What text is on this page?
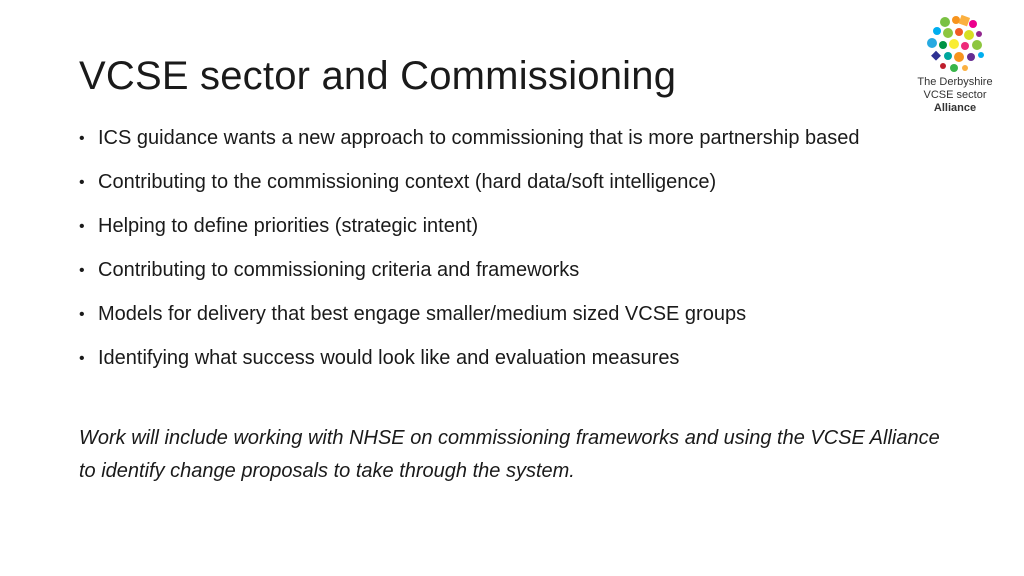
VCSE sector and Commissioning
• ICS guidance wants a new approach to commissioning that is more partnership based
• Contributing to the commissioning context (hard data/soft intelligence)
• Helping to define priorities (strategic intent)
• Contributing to commissioning criteria and frameworks
• Models for delivery that best engage smaller/medium sized VCSE groups
• Identifying what success would look like and evaluation measures

Work will include working with NHSE on commissioning frameworks and using the VCSE Alliance to identify change proposals to take through the system.

The Derbyshire
VCSE sector
Alliance
